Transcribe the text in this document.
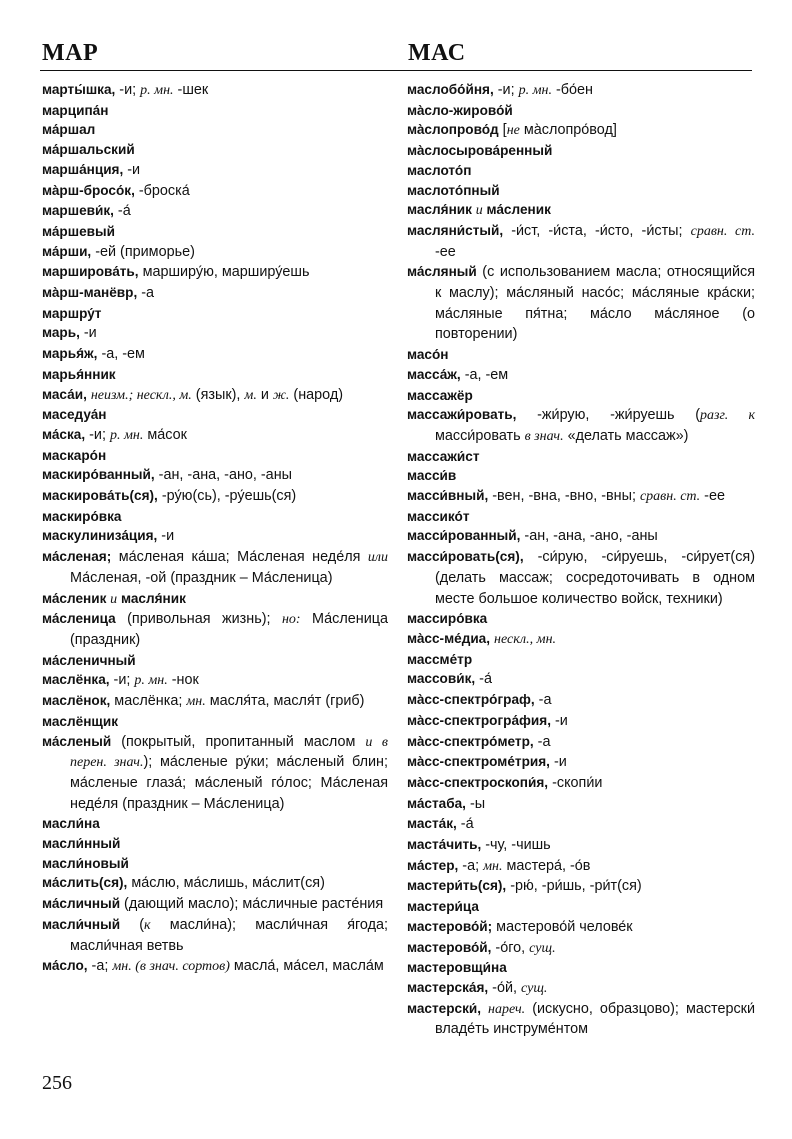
МАР	МАС
марты́шка, -и; р. мн. -шек
марципа́н
ма́ршал
ма́ршальский
марша́нция, -и
ма̀рш-бросо́к, -броска́
маршеви́к, -а́
ма́ршевый
ма́рши, -ей (приморье)
марширова́ть, марширу́ю, марширу́ешь
ма̀рш-манёвр, -а
маршру́т
марь, -и
марья́ж, -а, -ем
марья́нник
маса́и, неизм.; нескл., м. (язык), м. и ж. (народ)
маседуа́н
ма́ска, -и; р. мн. ма́сок
маскаро́н
маскиро́ванный, -ан, -ана, -ано, -аны
маскирова́ть(ся), -ру́ю(сь), -ру́ешь(ся)
маскиро́вка
маскулиниза́ция, -и
ма́сленая; ма́сленая ка́ша; Ма́сленая неде́ля или Ма́сленая, -ой (праздник – Ма́сленица)
ма́сленик и масля́ник
ма́сленица (привольная жизнь); но: Ма́сленица (праздник)
ма́сленичный
маслёнка, -и; р. мн. -нок
маслёнок, маслёнка; мн. масля́та, масля́т (гриб)
маслёнщик
ма́сленый (покрытый, пропитанный маслом и в перен. знач.); ма́сленые ру́ки; ма́сленый блин; ма́сленые глаза́; ма́сленый го́лос; Ма́сленая неде́ля (праздник – Ма́сленица)
масли́на
масли́нный
масли́новый
ма́слить(ся), ма́слю, ма́слишь, ма́слит(ся)
ма́сличный (дающий масло); ма́сличные расте́ния
масли́чный (к масли́на); масли́чная я́года; масли́чная ветвь
ма́сло, -а; мн. (в знач. сортов) масла́, ма́сел, масла́м
маслобо́йня, -и; р. мн. -бо́ен
ма̀сло-жирово́й
ма̀слопрово́д [не ма̀слопро́вод]
ма̀слосырова́ренный
маслото́п
маслото́пный
масля́ник и ма́сленик
масляни́стый, -и́ст, -и́ста, -и́сто, -и́сты; сравн. ст. -ее
ма́сляный (с использованием масла; относящийся к маслу); ма́сляный насо́с; ма́сляные кра́ски; ма́сляные пя́тна; ма́сло ма́сляное (о повторении)
масо́н
масса́ж, -а, -ем
массажёр
массажи́ровать, -жи́рую, -жи́руешь (разг. к масси́ровать в знач. «делать массаж»)
массажи́ст
масси́в
масси́вный, -вен, -вна, -вно, -вны; сравн. ст. -ее
массико́т
масси́рованный, -ан, -ана, -ано, -аны
масси́ровать(ся), -си́рую, -си́руешь, -си́рует(ся) (делать массаж; сосредоточивать в одном месте большое количество войск, техники)
массиро́вка
ма̀сс-ме́диа, нескл., мн.
массме́тр
массови́к, -а́
ма̀сс-спектро́граф, -а
ма̀сс-спектрогра́фия, -и
ма̀сс-спектро́метр, -а
ма̀сс-спектроме́трия, -и
ма̀сс-спектроскопи́я, -скопи́и
ма́стаба, -ы
маста́к, -а́
маста́чить, -чу, -чишь
ма́стер, -а; мн. мастера́, -о́в
мастери́ть(ся), -рю́, -ри́шь, -ри́т(ся)
мастери́ца
мастерово́й; мастерово́й челове́к
мастерово́й, -о́го, сущ.
мастеровщи́на
мастерска́я, -о́й, сущ.
мастерски́, нареч. (искусно, образцово); мастерски́ владе́ть инструме́нтом
256
